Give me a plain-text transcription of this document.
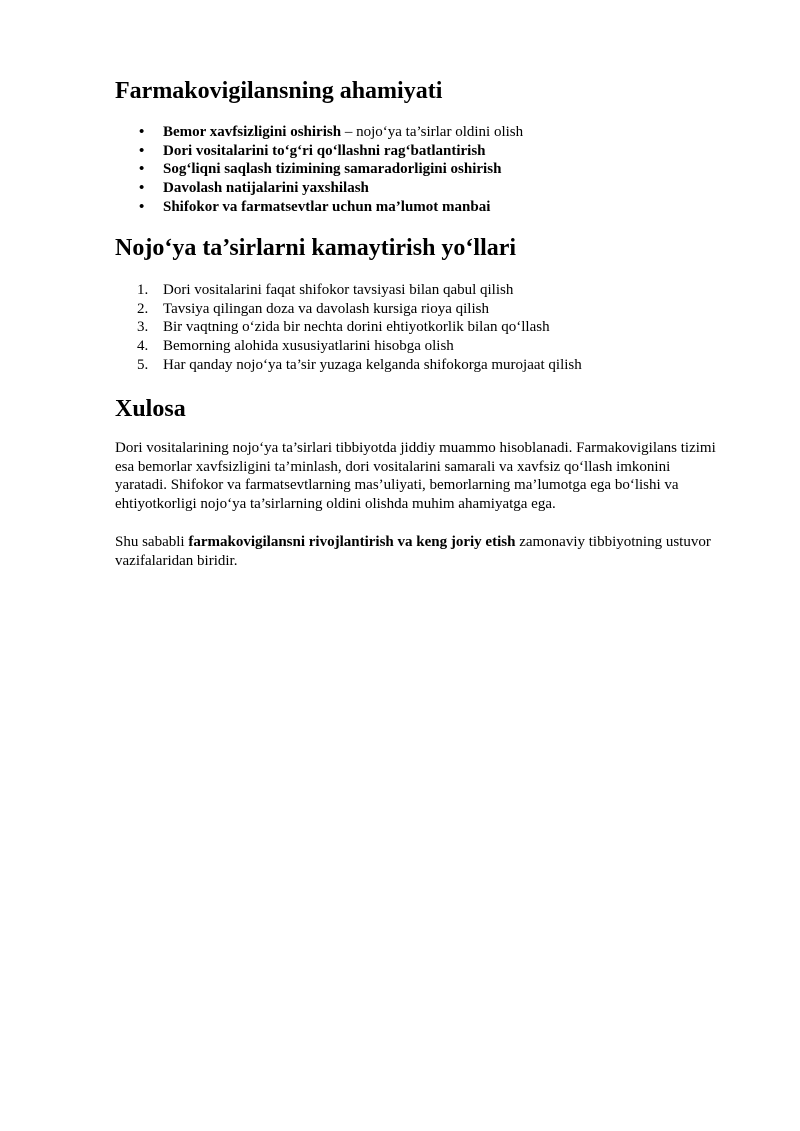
Farmakovigilansning ahamiyati
• Bemor xavfsizligini oshirish – nojo‘ya ta’sirlar oldini olish
• Dori vositalarini to‘g‘ri qo‘llashni rag‘batlantirish
• Sog‘liqni saqlash tizimining samaradorligini oshirish
• Davolash natijalarini yaxshilash
• Shifokor va farmatsevtlar uchun ma’lumot manbai
Nojo‘ya ta’sirlarni kamaytirish yo‘llari
1. Dori vositalarini faqat shifokor tavsiyasi bilan qabul qilish
2. Tavsiya qilingan doza va davolash kursiga rioya qilish
3. Bir vaqtning o‘zida bir nechta dorini ehtiyotkorlik bilan qo‘llash
4. Bemorning alohida xususiyatlarini hisobga olish
5. Har qanday nojo‘ya ta’sir yuzaga kelganda shifokorga murojaat qilish
Xulosa

Dori vositalarining nojo‘ya ta’sirlari tibbiyotda jiddiy muammo hisoblanadi. Farmakovigilans tizimi esa bemorlar xavfsizligini ta’minlash, dori vositalarini samarali va xavfsiz qo‘llash imkonini yaratadi. Shifokor va farmatsevtlarning mas’uliyati, bemorlarning ma’lumotga ega bo‘lishi va ehtiyotkorligi nojo‘ya ta’sirlarning oldini olishda muhim ahamiyatga ega.

Shu sababli farmakovigilansni rivojlantirish va keng joriy etish zamonaviy tibbiyotning ustuvor vazifalaridan biridir.
